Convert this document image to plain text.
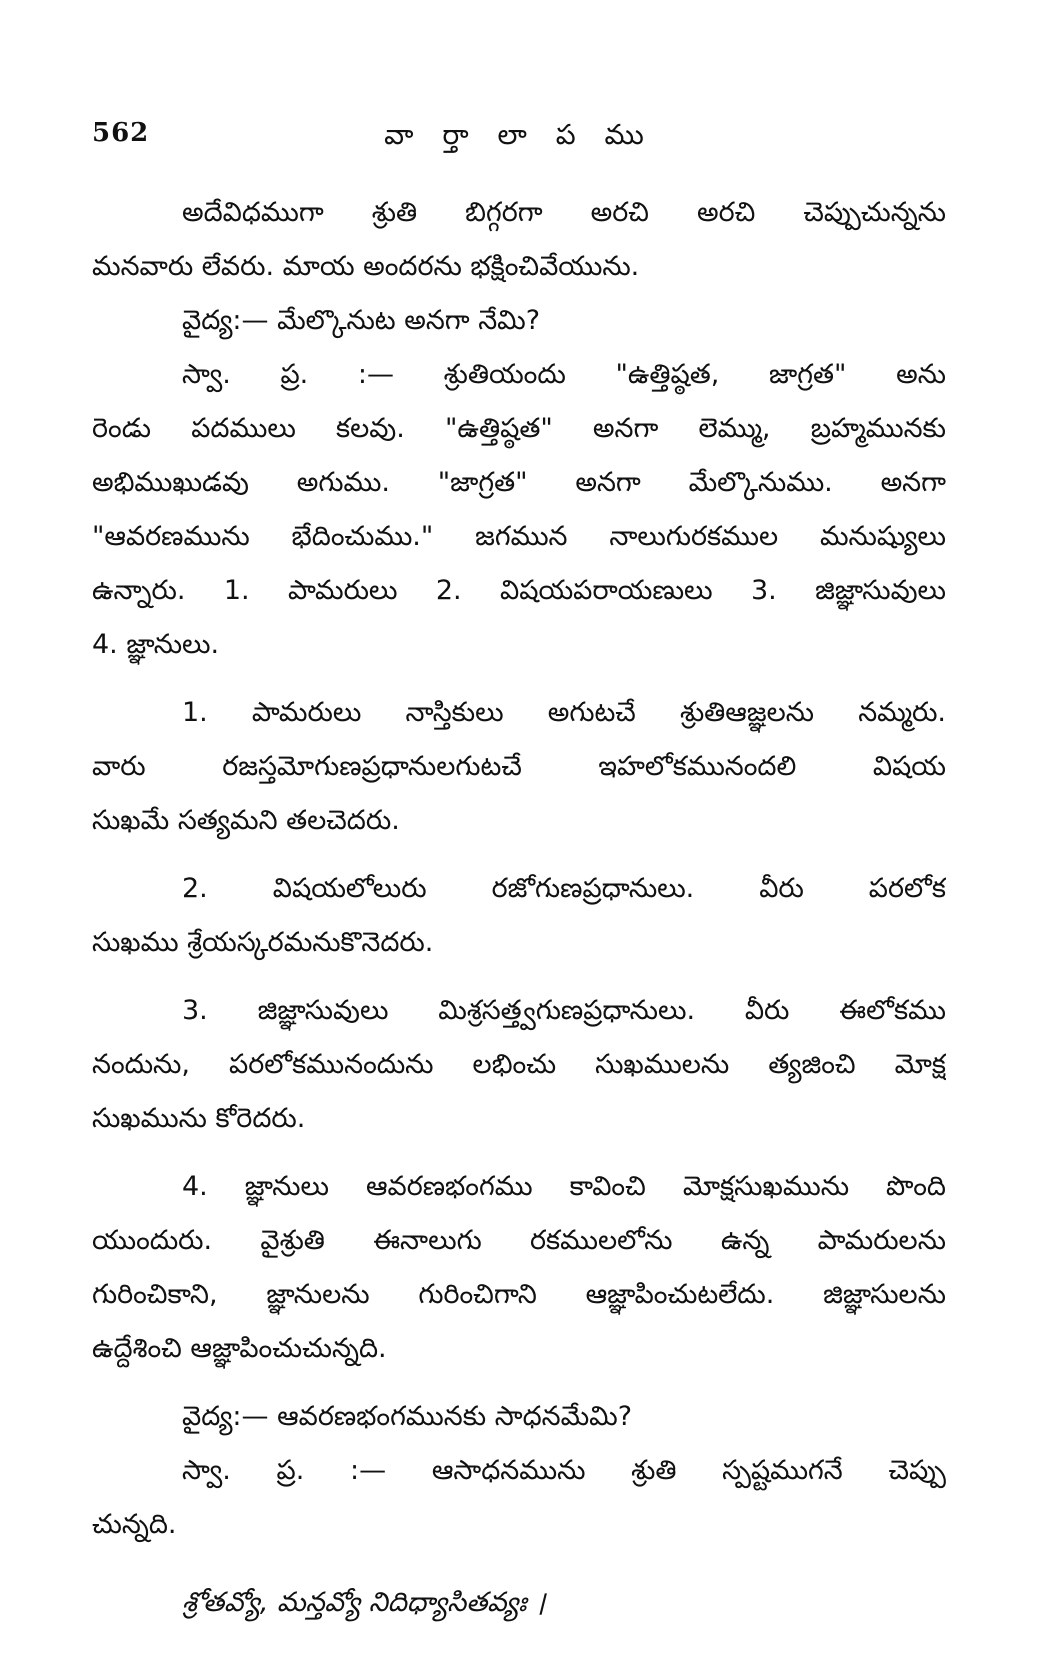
562	వా ర్తా లా ప ము
అదేవిధముగా శ్రుతి బిగ్గరగా అరచి అరచి చెప్పుచున్నను
మనవారు లేవరు. మాయ అందరను భక్షించివేయును.
వైద్య:— మేల్కొనుట అనగా నేమి?
స్వా. ప్ర. :— శ్రుతియందు "ఉత్తిష్ఠత, జాగ్రత" అను
రెండు పదములు కలవు. "ఉత్తిష్ఠత" అనగా లెమ్ము, బ్రహ్మమునకు
అభిముఖుడవు అగుము. "జాగ్రత" అనగా మేల్కొనుము. అనగా
"ఆవరణమును భేదించుము." జగమున నాలుగురకముల మనుష్యులు
ఉన్నారు. 1. పామరులు 2. విషయపరాయణులు 3. జిజ్ఞాసువులు
4. జ్ఞానులు.
1. పామరులు నాస్తికులు అగుటచే శ్రుతిఆజ్ఞలను నమ్మరు.
వారు రజస్తమోగుణప్రధానులగుటచే ఇహలోకమునందలి విషయ
సుఖమే సత్యమని తలచెదరు.
2. విషయలోలురు రజోగుణప్రధానులు. వీరు పరలోక
సుఖము శ్రేయస్కరమనుకొనెదరు.
3. జిజ్ఞాసువులు మిశ్రసత్త్వగుణప్రధానులు. వీరు ఈలోకము
నందును, పరలోకమునందును లభించు సుఖములను త్యజించి మోక్ష
సుఖమును కోరెదరు.
4. జ్ఞానులు ఆవరణభంగము కావించి మోక్షసుఖమును పొంది
యుందురు. వైశ్రుతి ఈనాలుగు రకములలోను ఉన్న పామరులను
గురించికాని, జ్ఞానులను గురించిగాని ఆజ్ఞాపించుటలేదు. జిజ్ఞాసులను
ఉద్దేశించి ఆజ్ఞాపించుచున్నది.
వైద్య:— ఆవరణభంగమునకు సాధనమేమి?
స్వా. ప్ర. :— ఆసాధనమును శ్రుతి స్పష్టముగనే చెప్పు
చున్నది.
శ్రోతవ్యో, మన్తవ్యో నిదిధ్యాసితవ్యః ।
